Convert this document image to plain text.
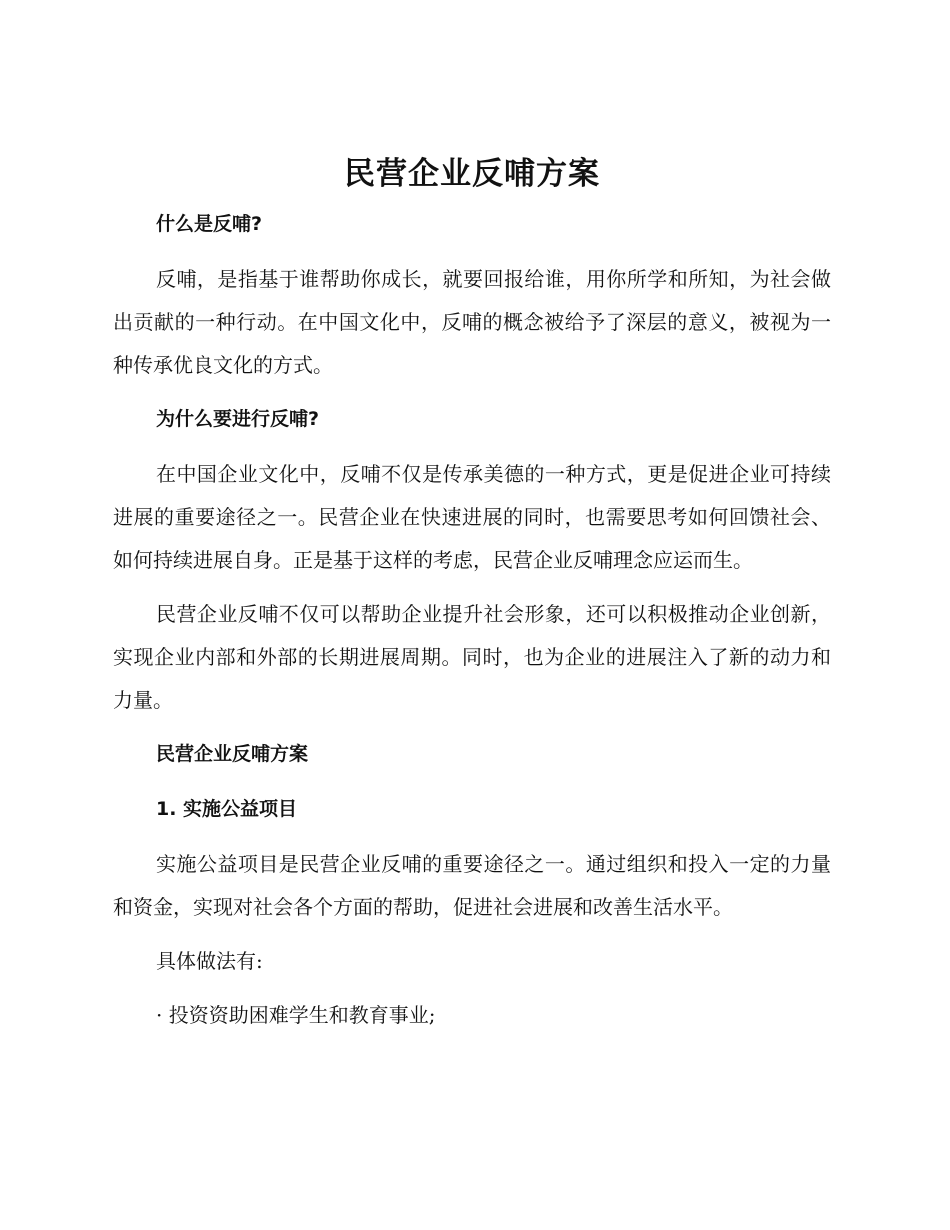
民营企业反哺方案
什么是反哺?

反哺，是指基于谁帮助你成长，就要回报给谁，用你所学和所知，为社会做出贡献的一种行动。在中国文化中，反哺的概念被给予了深层的意义，被视为一种传承优良文化的方式。

为什么要进行反哺?

在中国企业文化中，反哺不仅是传承美德的一种方式，更是促进企业可持续进展的重要途径之一。民营企业在快速进展的同时，也需要思考如何回馈社会、如何持续进展自身。正是基于这样的考虑，民营企业反哺理念应运而生。

民营企业反哺不仅可以帮助企业提升社会形象，还可以积极推动企业创新，实现企业内部和外部的长期进展周期。同时，也为企业的进展注入了新的动力和力量。

民营企业反哺方案
1. 实施公益项目

实施公益项目是民营企业反哺的重要途径之一。通过组织和投入一定的力量和资金，实现对社会各个方面的帮助，促进社会进展和改善生活水平。

具体做法有:

· 投资资助困难学生和教育事业;
